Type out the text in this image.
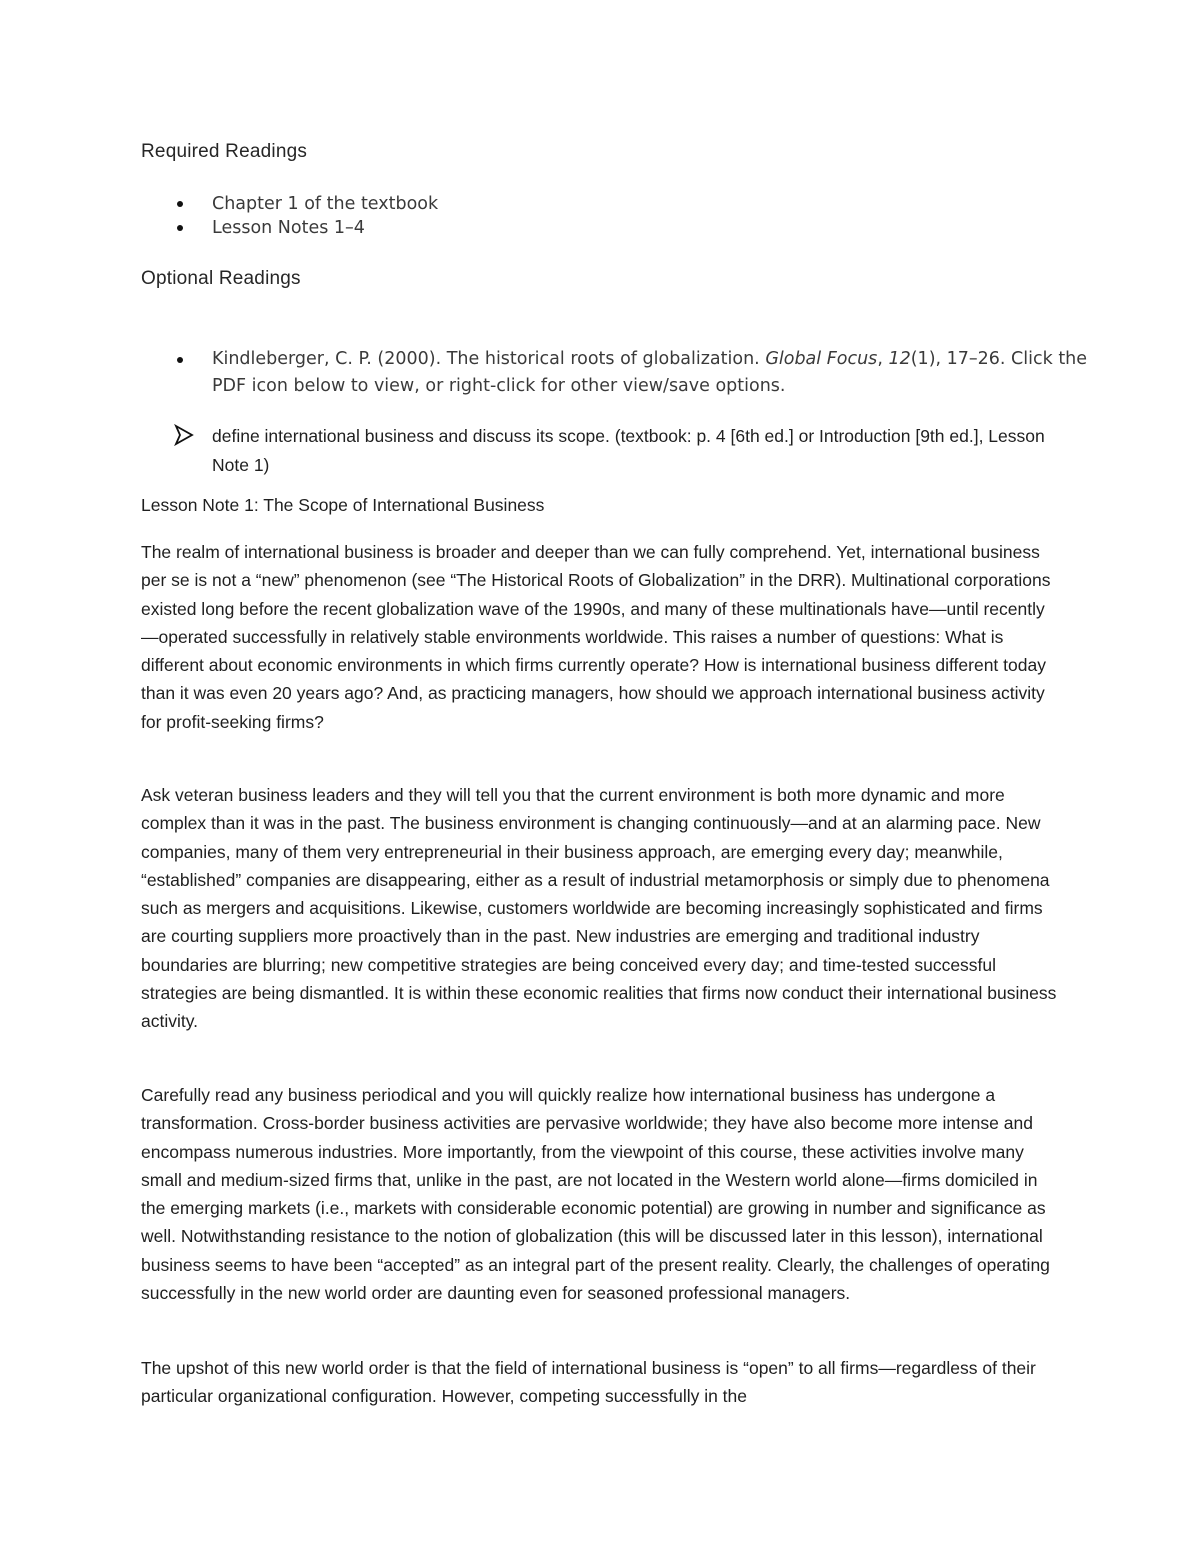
Required Readings
Chapter 1 of the textbook
Lesson Notes 1–4
Optional Readings
Kindleberger, C. P. (2000). The historical roots of globalization. Global Focus, 12(1), 17–26. Click the PDF icon below to view, or right-click for other view/save options.
define international business and discuss its scope. (textbook: p. 4 [6th ed.] or Introduction [9th ed.], Lesson Note 1)
Lesson Note 1: The Scope of International Business

The realm of international business is broader and deeper than we can fully comprehend. Yet, international business per se is not a “new” phenomenon (see “The Historical Roots of Globalization” in the DRR). Multinational corporations existed long before the recent globalization wave of the 1990s, and many of these multinationals have—until recently—operated successfully in relatively stable environments worldwide. This raises a number of questions: What is different about economic environments in which firms currently operate? How is international business different today than it was even 20 years ago? And, as practicing managers, how should we approach international business activity for profit-seeking firms?

Ask veteran business leaders and they will tell you that the current environment is both more dynamic and more complex than it was in the past. The business environment is changing continuously—and at an alarming pace. New companies, many of them very entrepreneurial in their business approach, are emerging every day; meanwhile, “established” companies are disappearing, either as a result of industrial metamorphosis or simply due to phenomena such as mergers and acquisitions. Likewise, customers worldwide are becoming increasingly sophisticated and firms are courting suppliers more proactively than in the past. New industries are emerging and traditional industry boundaries are blurring; new competitive strategies are being conceived every day; and time-tested successful strategies are being dismantled. It is within these economic realities that firms now conduct their international business activity.

Carefully read any business periodical and you will quickly realize how international business has undergone a transformation. Cross-border business activities are pervasive worldwide; they have also become more intense and encompass numerous industries. More importantly, from the viewpoint of this course, these activities involve many small and medium-sized firms that, unlike in the past, are not located in the Western world alone—firms domiciled in the emerging markets (i.e., markets with considerable economic potential) are growing in number and significance as well. Notwithstanding resistance to the notion of globalization (this will be discussed later in this lesson), international business seems to have been “accepted” as an integral part of the present reality. Clearly, the challenges of operating successfully in the new world order are daunting even for seasoned professional managers.

The upshot of this new world order is that the field of international business is “open” to all firms—regardless of their particular organizational configuration. However, competing successfully in the
